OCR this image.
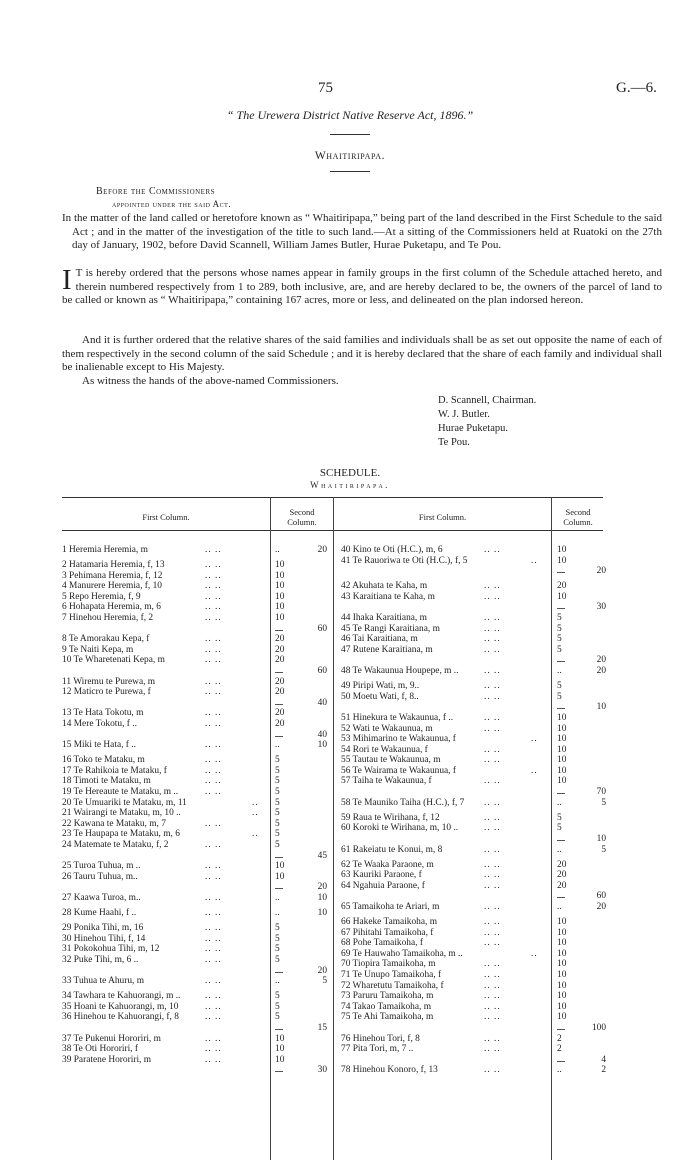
75	G.—6.
“ The Urewera District Native Reserve Act, 1896.”
Whaitiripapa.
Before the Commissioners
appointed under the said Act.
In the matter of the land called or heretofore known as “ Whaitiripapa,” being part of the land described in the First Schedule to the said Act ; and in the matter of the investigation of the title to such land.—At a sitting of the Commissioners held at Ruatoki on the 27th day of January, 1902, before David Scannell, William James Butler, Hurae Puketapu, and Te Pou.
I T is hereby ordered that the persons whose names appear in family groups in the first column of the Schedule attached hereto, and therein numbered respectively from 1 to 289, both inclusive, are, and are hereby declared to be, the owners of the parcel of land to be called or known as “ Whaitiripapa,” containing 167 acres, more or less, and delineated on the plan indorsed hereon.
And it is further ordered that the relative shares of the said families and individuals shall be as set out opposite the name of each of them respectively in the second column of the said Schedule ; and it is hereby declared that the share of each family and individual shall be inalienable except to His Majesty.
As witness the hands of the above-named Commissioners.
D. Scannell, Chairman.
W. J. Butler.
Hurae Puketapu.
Te Pou.
SCHEDULE.
Whaitiripapa.
First Column.	Second
Column.	First Column.	Second
Column.
1 Heremia Heremia, m	.. ..	..	20
2 Hatamaria Heremia, f, 13	.. ..	10
3 Pehimana Heremia, f, 12	.. ..	10
4 Manurere Heremia, f, 10	.. ..	10
5 Repo Heremia, f, 9	.. ..	10
6 Hohapata Heremia, m, 6	.. ..	10
7 Hinehou Heremia, f, 2	.. ..	10
60
8 Te Amorakau Kepa, f	.. ..	20
9 Te Naiti Kepa, m	.. ..	20
10 Te Wharetenati Kepa, m	.. ..	20
60
11 Wiremu te Purewa, m	.. ..	20
12 Maticro te Purewa, f	.. ..	20
40
13 Te Hata Tokotu, m	.. ..	20
14 Mere Tokotu, f ..	.. ..	20
40
15 Miki te Hata, f ..	.. ..	..	10
16 Toko te Mataku, m	.. ..	5
17 Te Rahikoia te Mataku, f	.. ..	5
18 Timoti te Mataku, m	.. ..	5
19 Te Hereaute te Mataku, m ..	.. ..	5
20 Te Umuariki te Mataku, m, 11	.. 5
21 Wairangi te Mataku, m, 10 ..	.. 5
22 Kawana te Mataku, m, 7	.. ..	5
23 Te Haupapa te Mataku, m, 6	.. 5
24 Matemate te Mataku, f, 2	.. ..	5
45
25 Turoa Tuhua, m ..	.. ..	10
26 Tauru Tuhua, m..	.. ..	10
20
27 Kaawa Turoa, m..	.. ..	..	10
28 Kume Haahi, f ..	.. ..	..	10
29 Ponika Tihi, m, 16	.. ..	5
30 Hinehou Tihi, f, 14	.. ..	5
31 Pokokohua Tihi, m, 12	.. ..	5
32 Puke Tihi, m, 6 ..	.. ..	5
20
33 Tuhua te Ahuru, m	.. ..	..	5
34 Tawhara te Kahuorangi, m ..	.. ..	5
35 Hoani te Kahuorangi, m, 10	.. ..	5
36 Hinehou te Kahuorangi, f, 8	.. ..	5
15
37 Te Pukenui Hororiri, m	.. ..	10
38 Te Oti Hororiri, f	.. ..	10
39 Paratene Hororiri, m	.. ..	10
30
40 Kino te Oti (H.C.), m, 6	.. ..	10
41 Te Rauoriwa te Oti (H.C.), f, 5	.. 10
20
42 Akuhata te Kaha, m	.. ..	20
43 Karaitiana te Kaha, m	.. ..	10
30
44 Ihaka Karaitiana, m	.. ..	5
45 Te Rangi Karaitiana, m	.. ..	5
46 Tai Karaitiana, m	.. ..	5
47 Rutene Karaitiana, m	.. ..	5
20
48 Te Wakaunua Houpepe, m ..	.. ..	..	20
49 Piripi Wati, m, 9..	.. ..	5
50 Moetu Wati, f, 8..	.. ..	5
10
51 Hinekura te Wakaunua, f ..	.. ..	10
52 Wati te Wakaunua, m	.. ..	10
53 Mihimarino te Wakaunua, f	.. 10
54 Rori te Wakaunua, f	.. ..	10
55 Tautau te Wakaunua, m	.. ..	10
56 Te Wairama te Wakaunua, f	.. 10
57 Taiha te Wakaunua, f	.. ..	10
70
58 Te Mauniko Taiha (H.C.), f, 7 .. ..	..	5
59 Raua te Wirihana, f, 12	.. ..	5
60 Koroki te Wirihana, m, 10 ..	.. ..	5
10
61 Rakeiatu te Konui, m, 8	.. ..	..	5
62 Te Waaka Paraone, m	.. ..	20
63 Kauriki Paraone, f	.. ..	20
64 Ngahuia Paraone, f	.. ..	20
60
65 Tamaikoha te Ariari, m	.. ..	..	20
66 Hakeke Tamaikoha, m	.. ..	10
67 Pihitahi Tamaikoha, f	.. ..	10
68 Pohe Tamaikoha, f	.. ..	10
69 Te Hauwaho Tamaikoha, m ..	.. 10
70 Tiopira Tamaikoha, m	.. ..	10
71 Te Unupo Tamaikoha, f	.. ..	10
72 Wharetutu Tamaikoha, f	.. ..	10
73 Paruru Tamaikoha, m	.. ..	10
74 Takao Tamaikoha, m	.. ..	10
75 Te Ahi Tamaikoha, m	.. ..	10
100
76 Hinehou Tori, f, 8	.. ..	2
77 Pita Tori, m, 7 ..	.. ..	2
4
78 Hinehou Konoro, f, 13	.. ..	..	2
